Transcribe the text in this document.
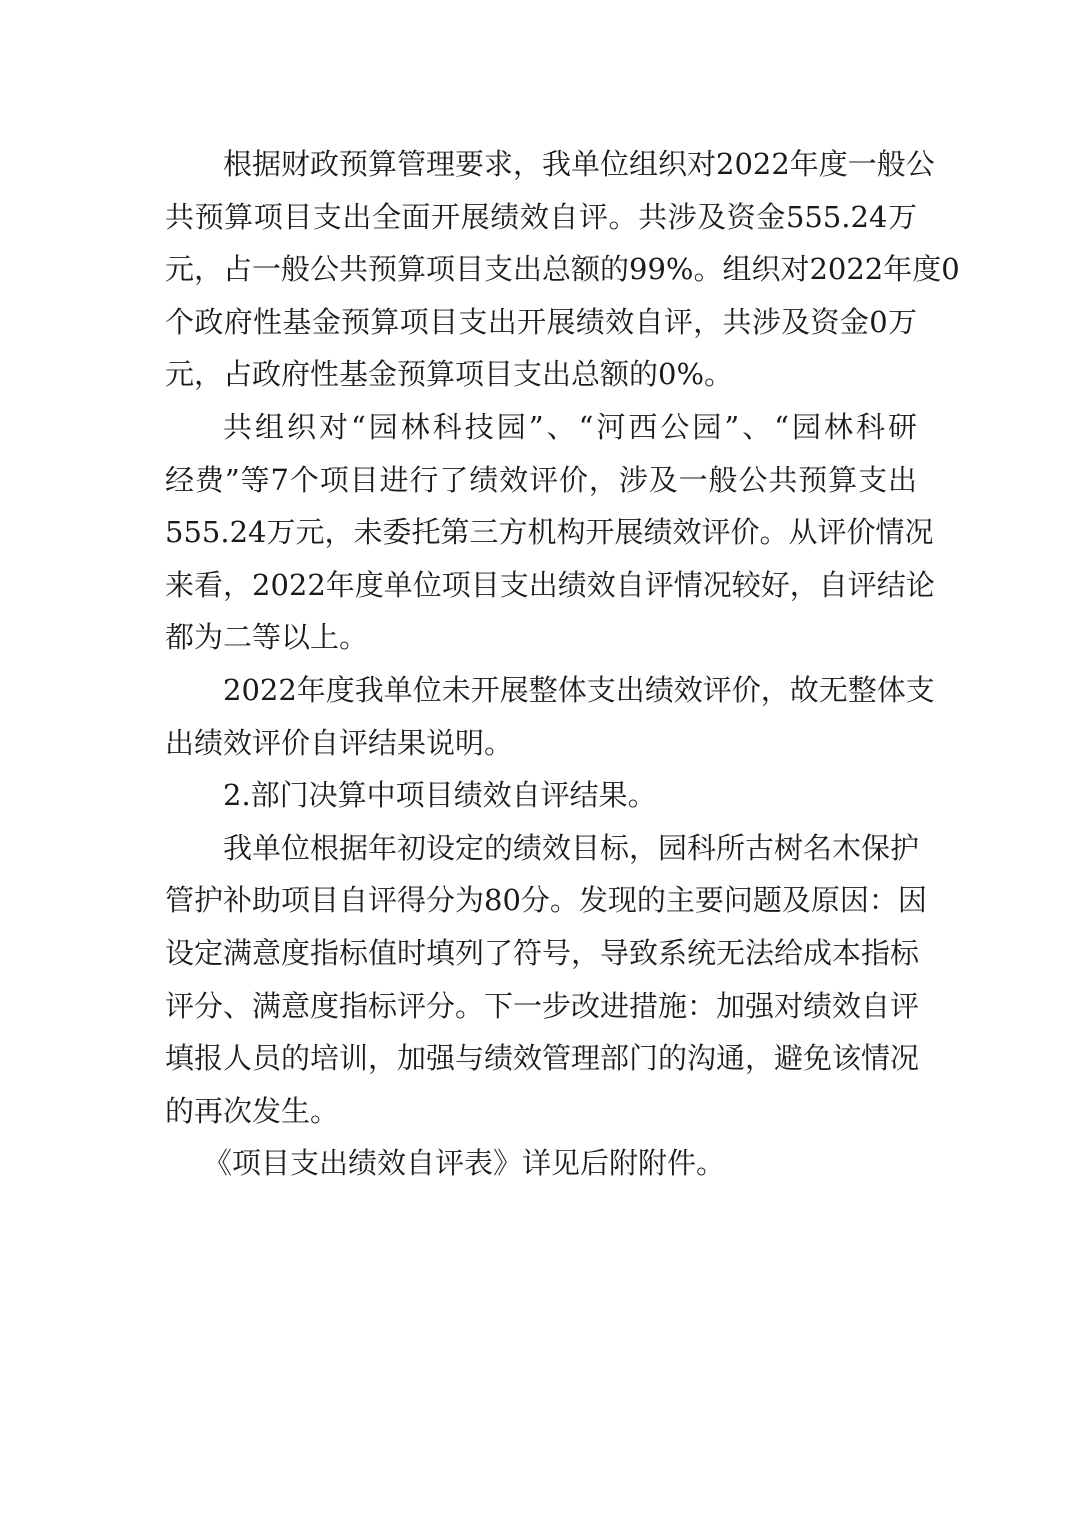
根据财政预算管理要求，我单位组织对2022年度一般公
共预算项目支出全面开展绩效自评。共涉及资金555.24万
元，占一般公共预算项目支出总额的99%。组织对2022年度0
个政府性基金预算项目支出开展绩效自评，共涉及资金0万
元，占政府性基金预算项目支出总额的0%。
共组织对“园林科技园”、“河西公园”、“园林科研
经费”等7个项目进行了绩效评价，涉及一般公共预算支出
555.24万元，未委托第三方机构开展绩效评价。从评价情况
来看，2022年度单位项目支出绩效自评情况较好，自评结论
都为二等以上。
2022年度我单位未开展整体支出绩效评价，故无整体支
出绩效评价自评结果说明。
2.部门决算中项目绩效自评结果。
我单位根据年初设定的绩效目标，园科所古树名木保护
管护补助项目自评得分为80分。发现的主要问题及原因：因
设定满意度指标值时填列了符号，导致系统无法给成本指标
评分、满意度指标评分。下一步改进措施：加强对绩效自评
填报人员的培训，加强与绩效管理部门的沟通，避免该情况
的再次发生。
《项目支出绩效自评表》详见后附附件。
